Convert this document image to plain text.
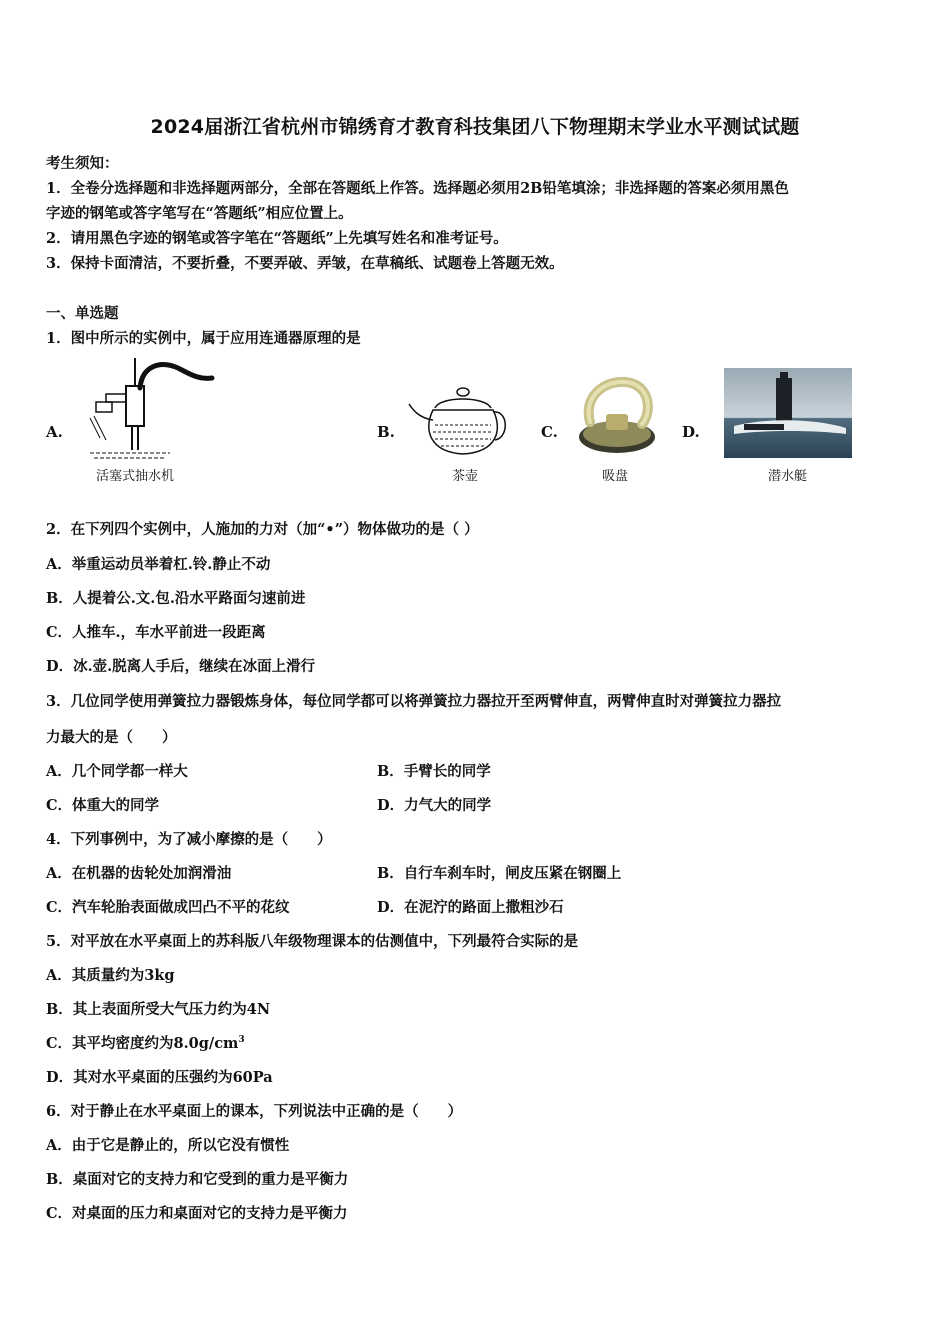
2024届浙江省杭州市锦绣育才教育科技集团八下物理期末学业水平测试试题
考生须知：
1．全卷分选择题和非选择题两部分，全部在答题纸上作答。选择题必须用2B铅笔填涂；非选择题的答案必须用黑色
字迹的钢笔或答字笔写在“答题纸”相应位置上。
2．请用黑色字迹的钢笔或答字笔在“答题纸”上先填写姓名和准考证号。
3．保持卡面清洁，不要折叠，不要弄破、弄皱，在草稿纸、试题卷上答题无效。
一、单选题
1．图中所示的实例中，属于应用连通器原理的是
A.
活塞式抽水机
B.
茶壶
C.
吸盘
D.
潜水艇
2．在下列四个实例中，人施加的力对（加“•”）物体做功的是（ ）
A．举重运动员举着杠.铃.静止不动
B．人提着公.文.包.沿水平路面匀速前进
C．人推车.，车水平前进一段距离
D．冰.壶.脱离人手后，继续在冰面上滑行
3．几位同学使用弹簧拉力器锻炼身体，每位同学都可以将弹簧拉力器拉开至两臂伸直，两臂伸直时对弹簧拉力器拉
力最大的是（　　）
A．几个同学都一样大	B．手臂长的同学
C．体重大的同学	D．力气大的同学
4．下列事例中，为了减小摩擦的是（　　）
A．在机器的齿轮处加润滑油	B．自行车刹车时，闸皮压紧在钢圈上
C．汽车轮胎表面做成凹凸不平的花纹	D．在泥泞的路面上撒粗沙石
5．对平放在水平桌面上的苏科版八年级物理课本的估测值中，下列最符合实际的是
A．其质量约为3kg
B．其上表面所受大气压力约为4N
C．其平均密度约为$8.0g/cm^3$
D．其对水平桌面的压强约为60Pa
6．对于静止在水平桌面上的课本，下列说法中正确的是（　　）
A．由于它是静止的，所以它没有惯性
B．桌面对它的支持力和它受到的重力是平衡力
C．对桌面的压力和桌面对它的支持力是平衡力
